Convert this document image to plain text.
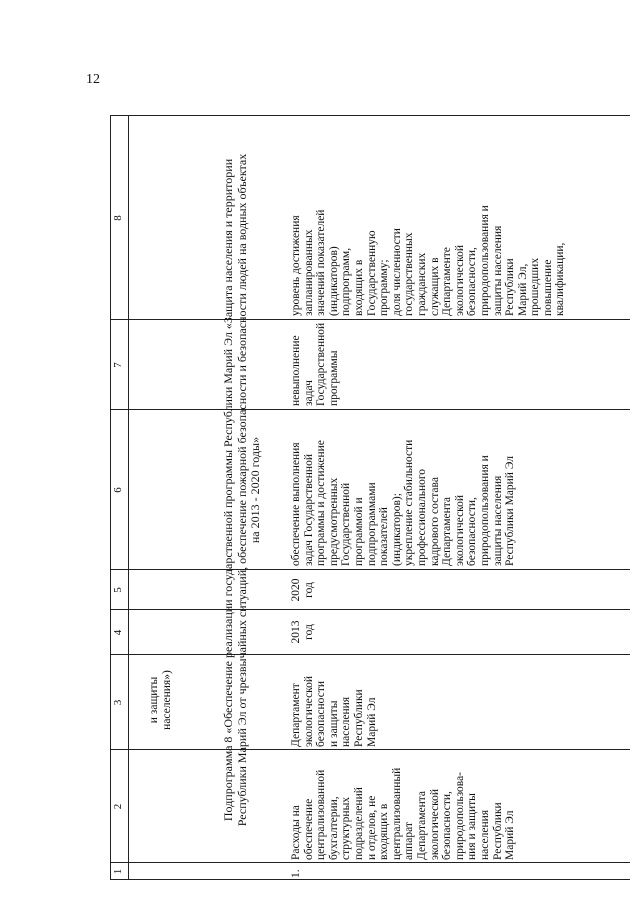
12
1
2
3
4
5
6
7
8

и защиты населения»)	Подпрограмма 8 «Обеспечение реализации государственной программы Республики Марий Эл «Защита населения и территории Республики Марий Эл от чрезвычайных ситуаций, обеспечение пожарной безопасности и безопасности людей на водных объектах на 2013 - 2020 годы»

1.

Расходы на обеспечение централизованной бухгалтерии, структурных подразделений и отделов, не входящих в централизованный аппарат Департамента экологической безопасности, природопользова- ния и защиты населения Республики Марий Эл

Департамент экологической безопасности и защиты населения Республики Марий Эл

2013 год

2020 год

обеспечение выполнения задач Государственной программы и достижение предусмотренных Государственной программой и подпрограммами показателей (индикаторов); укрепление стабильности профессионального кадрового состава Департамента экологической безопасности, природопользования и защиты населения Республики Марий Эл

невыполнение задач Государственной программы

уровень достижения запланированных значений показателей (индикаторов) подпрограмм, входящих в Государственную программу; доля численности государственных гражданских служащих в Департаменте экологической безопасности, природопользования и защиты населения Республики Марий Эл, прошедших повышение квалификации,
